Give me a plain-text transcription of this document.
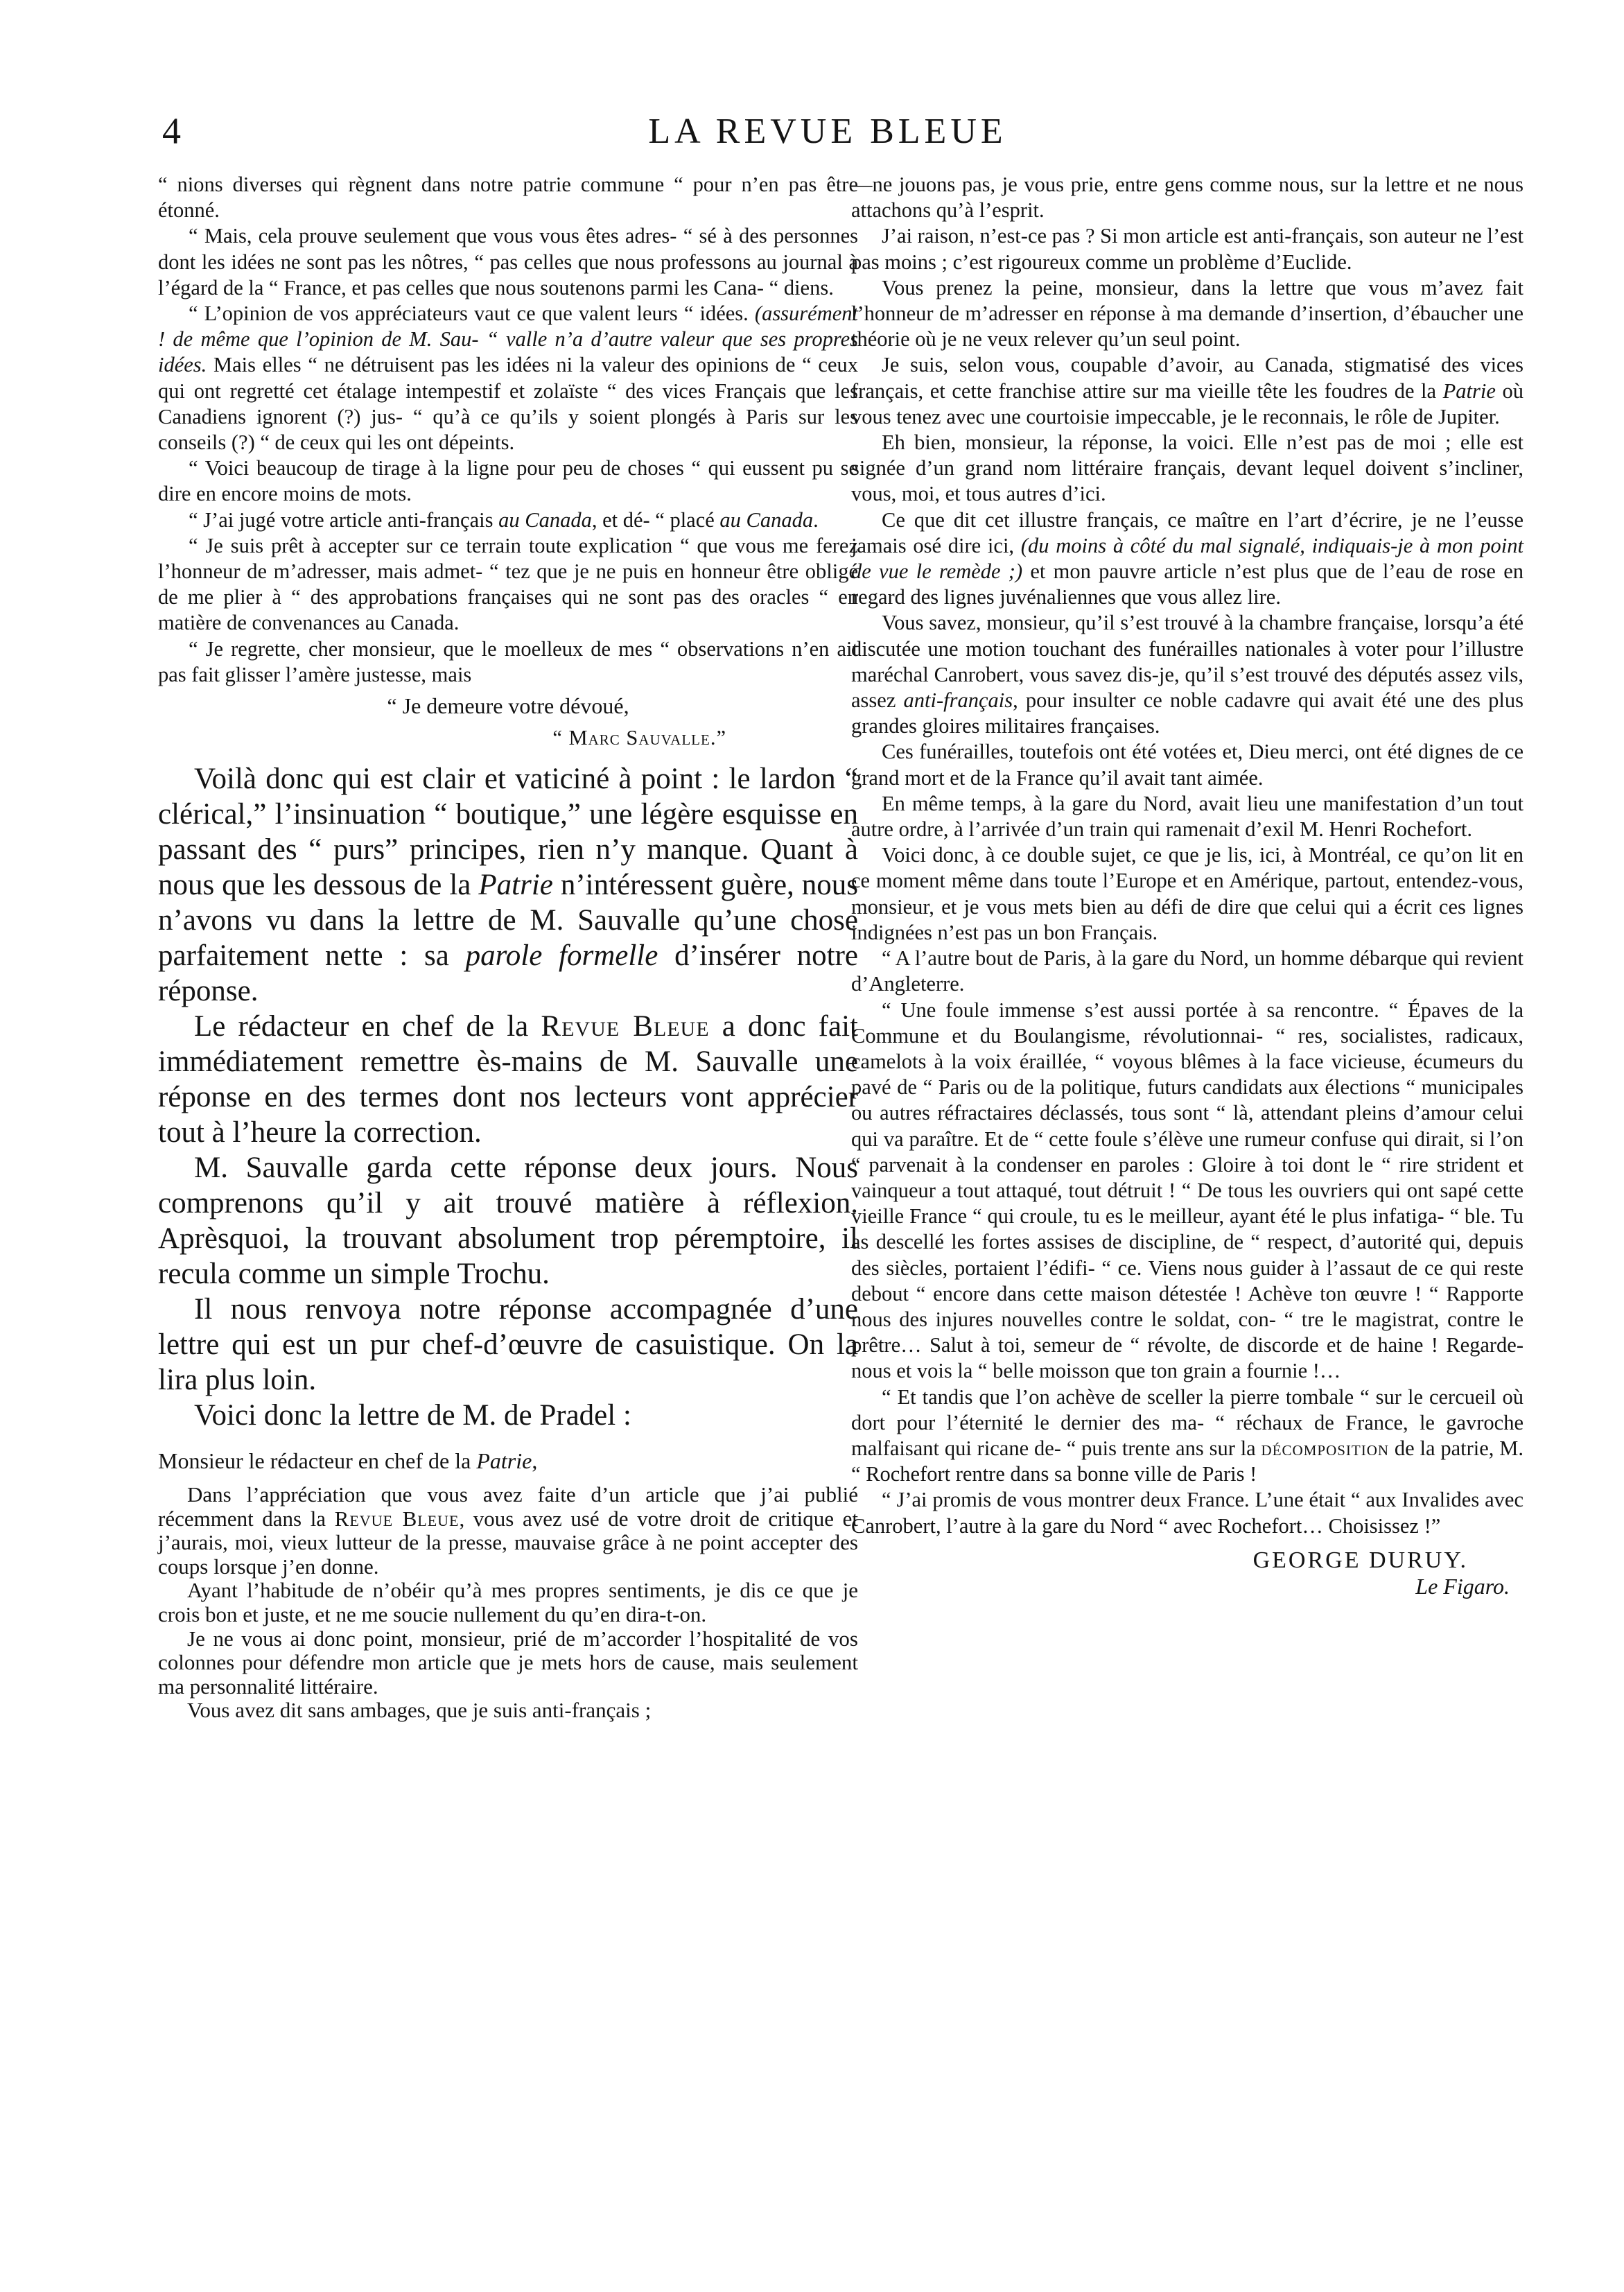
4	LA REVUE BLEUE

“ nions diverses qui règnent dans notre patrie commune “ pour n’en pas être étonné.

“ Mais, cela prouve seulement que vous vous êtes adres- “ sé à des personnes dont les idées ne sont pas les nôtres, “ pas celles que nous professons au journal à l’égard de la “ France, et pas celles que nous soutenons parmi les Cana- “ diens.

“ L’opinion de vos appréciateurs vaut ce que valent leurs “ idées. (assurément ! de même que l’opinion de M. Sau- “ valle n’a d’autre valeur que ses propres idées. Mais elles “ ne détruisent pas les idées ni la valeur des opinions de “ ceux qui ont regretté cet étalage intempestif et zolaïste “ des vices Français que les Canadiens ignorent (?) jus- “ qu’à ce qu’ils y soient plongés à Paris sur les conseils (?) “ de ceux qui les ont dépeints.

“ Voici beaucoup de tirage à la ligne pour peu de choses “ qui eussent pu se dire en encore moins de mots.

“ J’ai jugé votre article anti-français au Canada, et dé- “ placé au Canada.

“ Je suis prêt à accepter sur ce terrain toute explication “ que vous me ferez l’honneur de m’adresser, mais admet- “ tez que je ne puis en honneur être obligé de me plier à “ des approbations françaises qui ne sont pas des oracles “ en matière de convenances au Canada.

“ Je regrette, cher monsieur, que le moelleux de mes “ observations n’en ait pas fait glisser l’amère justesse, mais

“ Je demeure votre dévoué,

“ Marc Sauvalle.”

Voilà donc qui est clair et vaticiné à point : le lardon “ clérical,” l’insinuation “ boutique,” une légère esquisse en passant des “ purs” principes, rien n’y manque. Quant à nous que les dessous de la Patrie n’intéressent guère, nous n’avons vu dans la lettre de M. Sauvalle qu’une chose parfaitement nette : sa parole formelle d’insérer notre réponse.

Le rédacteur en chef de la Revue Bleue a donc fait immédiatement remettre ès-mains de M. Sauvalle une réponse en des termes dont nos lecteurs vont apprécier tout à l’heure la correction.

M. Sauvalle garda cette réponse deux jours. Nous comprenons qu’il y ait trouvé matière à réflexion. Aprèsquoi, la trouvant absolument trop péremptoire, il recula comme un simple Trochu.

Il nous renvoya notre réponse accompagnée d’une lettre qui est un pur chef-d’œuvre de casuistique. On la lira plus loin.

Voici donc la lettre de M. de Pradel :

Monsieur le rédacteur en chef de la Patrie,

Dans l’appréciation que vous avez faite d’un article que j’ai publié récemment dans la Revue Bleue, vous avez usé de votre droit de critique et j’aurais, moi, vieux lutteur de la presse, mauvaise grâce à ne point accepter des coups lorsque j’en donne.

Ayant l’habitude de n’obéir qu’à mes propres sentiments, je dis ce que je crois bon et juste, et ne me soucie nullement du qu’en dira-t-on.

Je ne vous ai donc point, monsieur, prié de m’accorder l’hospitalité de vos colonnes pour défendre mon article que je mets hors de cause, mais seulement ma personnalité littéraire.

Vous avez dit sans ambages, que je suis anti-français ;

—ne jouons pas, je vous prie, entre gens comme nous, sur la lettre et ne nous attachons qu’à l’esprit.

J’ai raison, n’est-ce pas ? Si mon article est anti-français, son auteur ne l’est pas moins ; c’est rigoureux comme un problème d’Euclide.

Vous prenez la peine, monsieur, dans la lettre que vous m’avez fait l’honneur de m’adresser en réponse à ma demande d’insertion, d’ébaucher une théorie où je ne veux relever qu’un seul point.

Je suis, selon vous, coupable d’avoir, au Canada, stigmatisé des vices français, et cette franchise attire sur ma vieille tête les foudres de la Patrie où vous tenez avec une courtoisie impeccable, je le reconnais, le rôle de Jupiter.

Eh bien, monsieur, la réponse, la voici. Elle n’est pas de moi ; elle est signée d’un grand nom littéraire français, devant lequel doivent s’incliner, vous, moi, et tous autres d’ici.

Ce que dit cet illustre français, ce maître en l’art d’écrire, je ne l’eusse jamais osé dire ici, (du moins à côté du mal signalé, indiquais-je à mon point de vue le remède ;) et mon pauvre article n’est plus que de l’eau de rose en regard des lignes juvénaliennes que vous allez lire.

Vous savez, monsieur, qu’il s’est trouvé à la chambre française, lorsqu’a été discutée une motion touchant des funérailles nationales à voter pour l’illustre maréchal Canrobert, vous savez dis-je, qu’il s’est trouvé des députés assez vils, assez anti-français, pour insulter ce noble cadavre qui avait été une des plus grandes gloires militaires françaises.

Ces funérailles, toutefois ont été votées et, Dieu merci, ont été dignes de ce grand mort et de la France qu’il avait tant aimée.

En même temps, à la gare du Nord, avait lieu une manifestation d’un tout autre ordre, à l’arrivée d’un train qui ramenait d’exil M. Henri Rochefort.

Voici donc, à ce double sujet, ce que je lis, ici, à Montréal, ce qu’on lit en ce moment même dans toute l’Europe et en Amérique, partout, entendez-vous, monsieur, et je vous mets bien au défi de dire que celui qui a écrit ces lignes indignées n’est pas un bon Français.

“ A l’autre bout de Paris, à la gare du Nord, un homme débarque qui revient d’Angleterre.

“ Une foule immense s’est aussi portée à sa rencontre. “ Épaves de la Commune et du Boulangisme, révolutionnai- “ res, socialistes, radicaux, camelots à la voix éraillée, “ voyous blêmes à la face vicieuse, écumeurs du pavé de “ Paris ou de la politique, futurs candidats aux élections “ municipales ou autres réfractaires déclassés, tous sont “ là, attendant pleins d’amour celui qui va paraître. Et de “ cette foule s’élève une rumeur confuse qui dirait, si l’on “ parvenait à la condenser en paroles : Gloire à toi dont le “ rire strident et vainqueur a tout attaqué, tout détruit ! “ De tous les ouvriers qui ont sapé cette vieille France “ qui croule, tu es le meilleur, ayant été le plus infatiga- “ ble. Tu as descellé les fortes assises de discipline, de “ respect, d’autorité qui, depuis des siècles, portaient l’édifi- “ ce. Viens nous guider à l’assaut de ce qui reste debout “ encore dans cette maison détestée ! Achève ton œuvre ! “ Rapporte nous des injures nouvelles contre le soldat, con- “ tre le magistrat, contre le prêtre… Salut à toi, semeur de “ révolte, de discorde et de haine ! Regarde-nous et vois la “ belle moisson que ton grain a fournie !…

“ Et tandis que l’on achève de sceller la pierre tombale “ sur le cercueil où dort pour l’éternité le dernier des ma- “ réchaux de France, le gavroche malfaisant qui ricane de- “ puis trente ans sur la décomposition de la patrie, M. “ Rochefort rentre dans sa bonne ville de Paris !

“ J’ai promis de vous montrer deux France. L’une était “ aux Invalides avec Canrobert, l’autre à la gare du Nord “ avec Rochefort… Choisissez !”

GEORGE DURUY.

Le Figaro.
